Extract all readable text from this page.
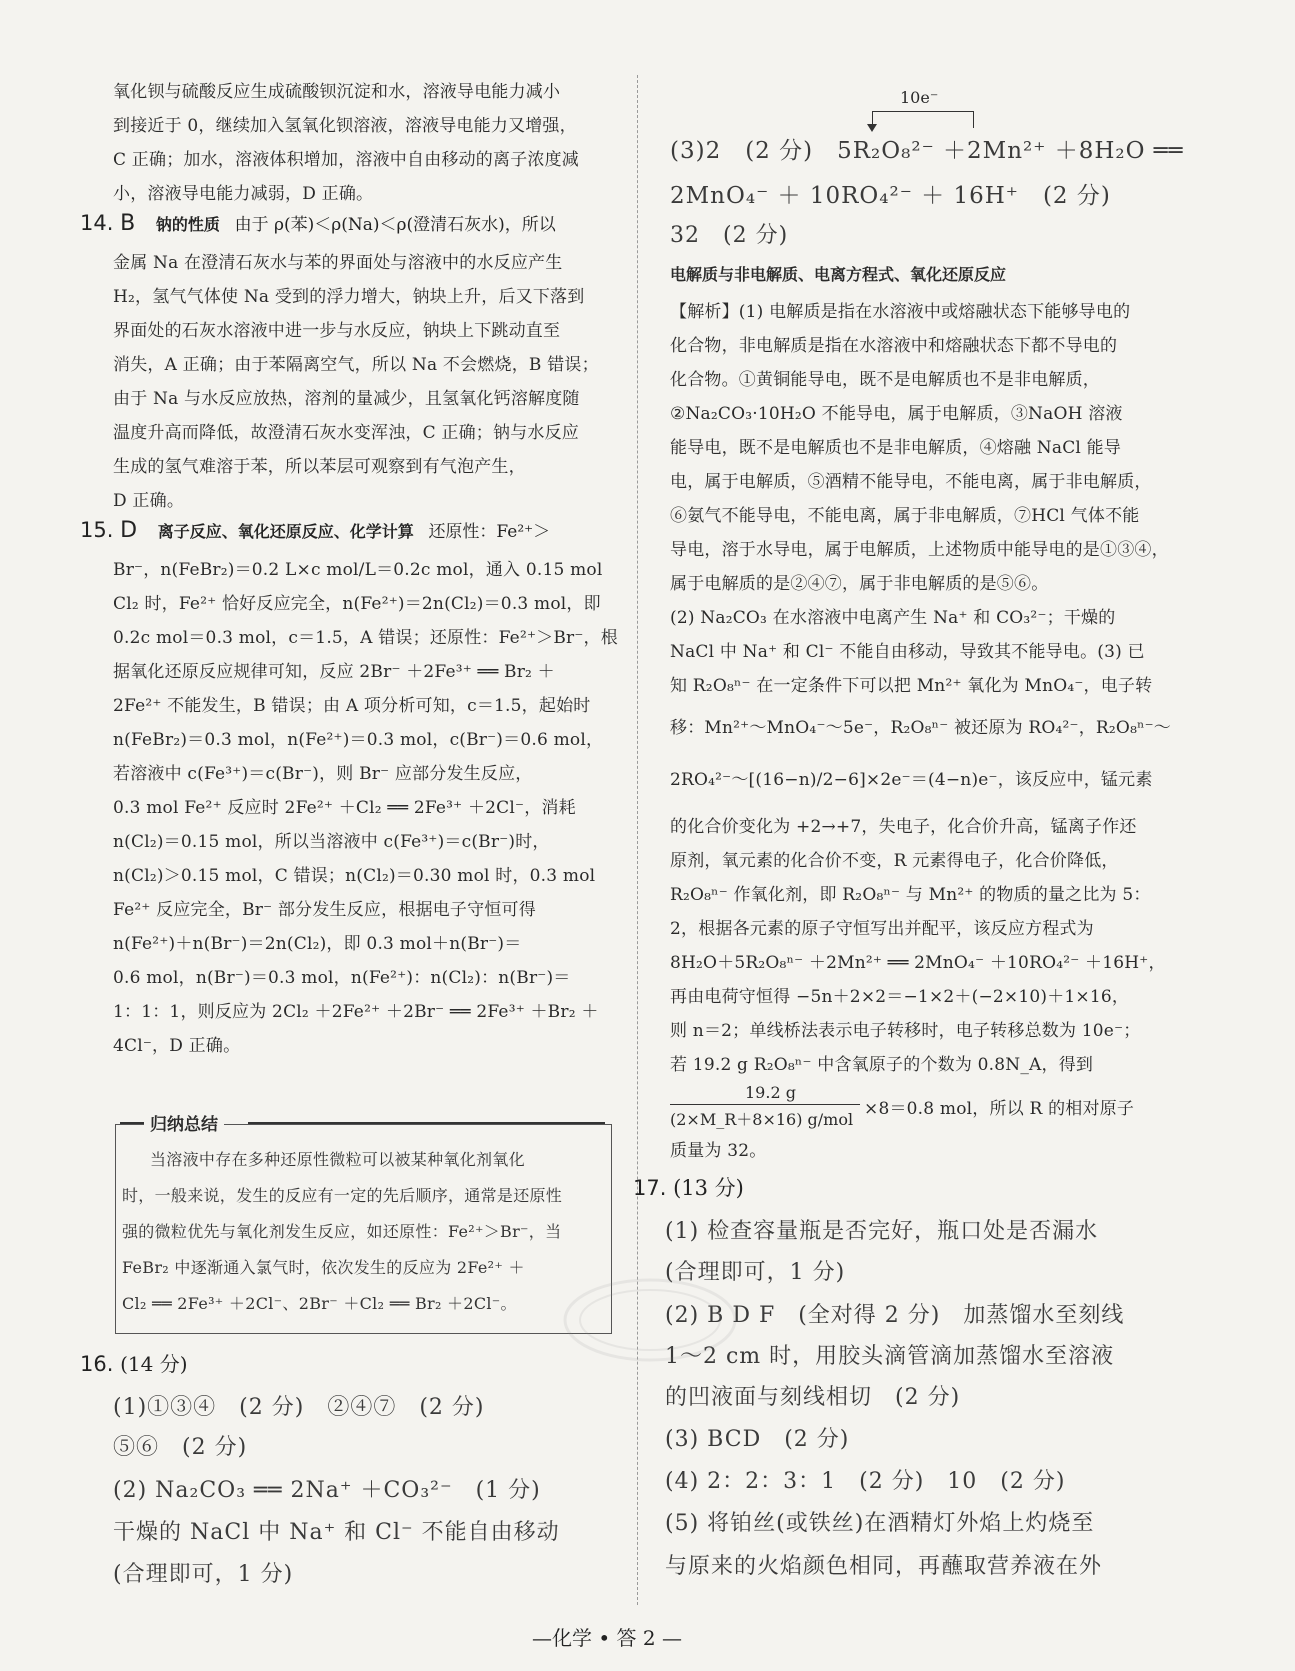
氧化钡与硫酸反应生成硫酸钡沉淀和水，溶液导电能力减小
到接近于 0，继续加入氢氧化钡溶液，溶液导电能力又增强，
C 正确；加水，溶液体积增加，溶液中自由移动的离子浓度减
小，溶液导电能力减弱，D 正确。
14. B 钠的性质 由于 ρ(苯)＜ρ(Na)＜ρ(澄清石灰水)，所以
金属 Na 在澄清石灰水与苯的界面处与溶液中的水反应产生
H₂，氢气气体使 Na 受到的浮力增大，钠块上升，后又下落到
界面处的石灰水溶液中进一步与水反应，钠块上下跳动直至
消失，A 正确；由于苯隔离空气，所以 Na 不会燃烧，B 错误；
由于 Na 与水反应放热，溶剂的量减少，且氢氧化钙溶解度随
温度升高而降低，故澄清石灰水变浑浊，C 正确；钠与水反应
生成的氢气难溶于苯，所以苯层可观察到有气泡产生，
D 正确。
15. D 离子反应、氧化还原反应、化学计算 还原性：Fe²⁺＞
Br⁻，n(FeBr₂)＝0.2 L×c mol/L＝0.2c mol，通入 0.15 mol
Cl₂ 时，Fe²⁺ 恰好反应完全，n(Fe²⁺)＝2n(Cl₂)＝0.3 mol，即
0.2c mol＝0.3 mol，c＝1.5，A 错误；还原性：Fe²⁺＞Br⁻，根
据氧化还原反应规律可知，反应 2Br⁻ ＋2Fe³⁺ ══ Br₂ ＋
2Fe²⁺ 不能发生，B 错误；由 A 项分析可知，c＝1.5，起始时
n(FeBr₂)＝0.3 mol，n(Fe²⁺)＝0.3 mol，c(Br⁻)＝0.6 mol，
若溶液中 c(Fe³⁺)＝c(Br⁻)，则 Br⁻ 应部分发生反应，
0.3 mol Fe²⁺ 反应时 2Fe²⁺ ＋Cl₂ ══ 2Fe³⁺ ＋2Cl⁻，消耗
n(Cl₂)＝0.15 mol，所以当溶液中 c(Fe³⁺)＝c(Br⁻)时，
n(Cl₂)＞0.15 mol，C 错误；n(Cl₂)＝0.30 mol 时，0.3 mol
Fe²⁺ 反应完全，Br⁻ 部分发生反应，根据电子守恒可得
n(Fe²⁺)＋n(Br⁻)＝2n(Cl₂)，即 0.3 mol＋n(Br⁻)＝
0.6 mol，n(Br⁻)＝0.3 mol，n(Fe²⁺)：n(Cl₂)：n(Br⁻)＝
1：1：1，则反应为 2Cl₂ ＋2Fe²⁺ ＋2Br⁻ ══ 2Fe³⁺ ＋Br₂ ＋
4Cl⁻，D 正确。
归纳总结
当溶液中存在多种还原性微粒可以被某种氧化剂氧化
时，一般来说，发生的反应有一定的先后顺序，通常是还原性
强的微粒优先与氧化剂发生反应，如还原性：Fe²⁺＞Br⁻，当
FeBr₂ 中逐渐通入氯气时，依次发生的反应为 2Fe²⁺ ＋
Cl₂ ══ 2Fe³⁺ ＋2Cl⁻、2Br⁻ ＋Cl₂ ══ Br₂ ＋2Cl⁻。
16. (14 分)
(1)①③④　(2 分)　②④⑦　(2 分)
⑤⑥　(2 分)
(2) Na₂CO₃ ══ 2Na⁺ ＋CO₃²⁻　(1 分)
干燥的 NaCl 中 Na⁺ 和 Cl⁻ 不能自由移动
(合理即可，1 分)
10e⁻
(3)2　(2 分)　5R₂O₈²⁻ ＋2Mn²⁺ ＋8H₂O ══
2MnO₄⁻ ＋ 10RO₄²⁻ ＋ 16H⁺　(2 分)
32　(2 分)
电解质与非电解质、电离方程式、氧化还原反应
【解析】(1) 电解质是指在水溶液中或熔融状态下能够导电的
化合物，非电解质是指在水溶液中和熔融状态下都不导电的
化合物。①黄铜能导电，既不是电解质也不是非电解质，
②Na₂CO₃·10H₂O 不能导电，属于电解质，③NaOH 溶液
能导电，既不是电解质也不是非电解质，④熔融 NaCl 能导
电，属于电解质，⑤酒精不能导电，不能电离，属于非电解质，
⑥氨气不能导电，不能电离，属于非电解质，⑦HCl 气体不能
导电，溶于水导电，属于电解质，上述物质中能导电的是①③④，
属于电解质的是②④⑦，属于非电解质的是⑤⑥。
(2) Na₂CO₃ 在水溶液中电离产生 Na⁺ 和 CO₃²⁻；干燥的
NaCl 中 Na⁺ 和 Cl⁻ 不能自由移动，导致其不能导电。(3) 已
知 R₂O₈ⁿ⁻ 在一定条件下可以把 Mn²⁺ 氧化为 MnO₄⁻，电子转
移：Mn²⁺～MnO₄⁻～5e⁻，R₂O₈ⁿ⁻ 被还原为 RO₄²⁻，R₂O₈ⁿ⁻～
2RO₄²⁻～[(16−n)/2−6]×2e⁻＝(4−n)e⁻，该反应中，锰元素
的化合价变化为 +2→+7，失电子，化合价升高，锰离子作还
原剂，氧元素的化合价不变，R 元素得电子，化合价降低，
R₂O₈ⁿ⁻ 作氧化剂，即 R₂O₈ⁿ⁻ 与 Mn²⁺ 的物质的量之比为 5：
2，根据各元素的原子守恒写出并配平，该反应方程式为
8H₂O＋5R₂O₈ⁿ⁻ ＋2Mn²⁺ ══ 2MnO₄⁻ ＋10RO₄²⁻ ＋16H⁺，
再由电荷守恒得 −5n＋2×2＝−1×2＋(−2×10)＋1×16，
则 n＝2；单线桥法表示电子转移时，电子转移总数为 10e⁻；
若 19.2 g R₂O₈ⁿ⁻ 中含氧原子的个数为 0.8N_A，得到
19.2 g
(2×M_R＋8×16) g/mol
×8＝0.8 mol，所以 R 的相对原子
质量为 32。
17. (13 分)
(1) 检查容量瓶是否完好，瓶口处是否漏水
(合理即可，1 分)
(2) B D F　(全对得 2 分)　加蒸馏水至刻线
1～2 cm 时，用胶头滴管滴加蒸馏水至溶液
的凹液面与刻线相切　(2 分)
(3) BCD　(2 分)
(4) 2：2：3：1　(2 分)　10　(2 分)
(5) 将铂丝(或铁丝)在酒精灯外焰上灼烧至
与原来的火焰颜色相同，再蘸取营养液在外
—化学 • 答 2 —
